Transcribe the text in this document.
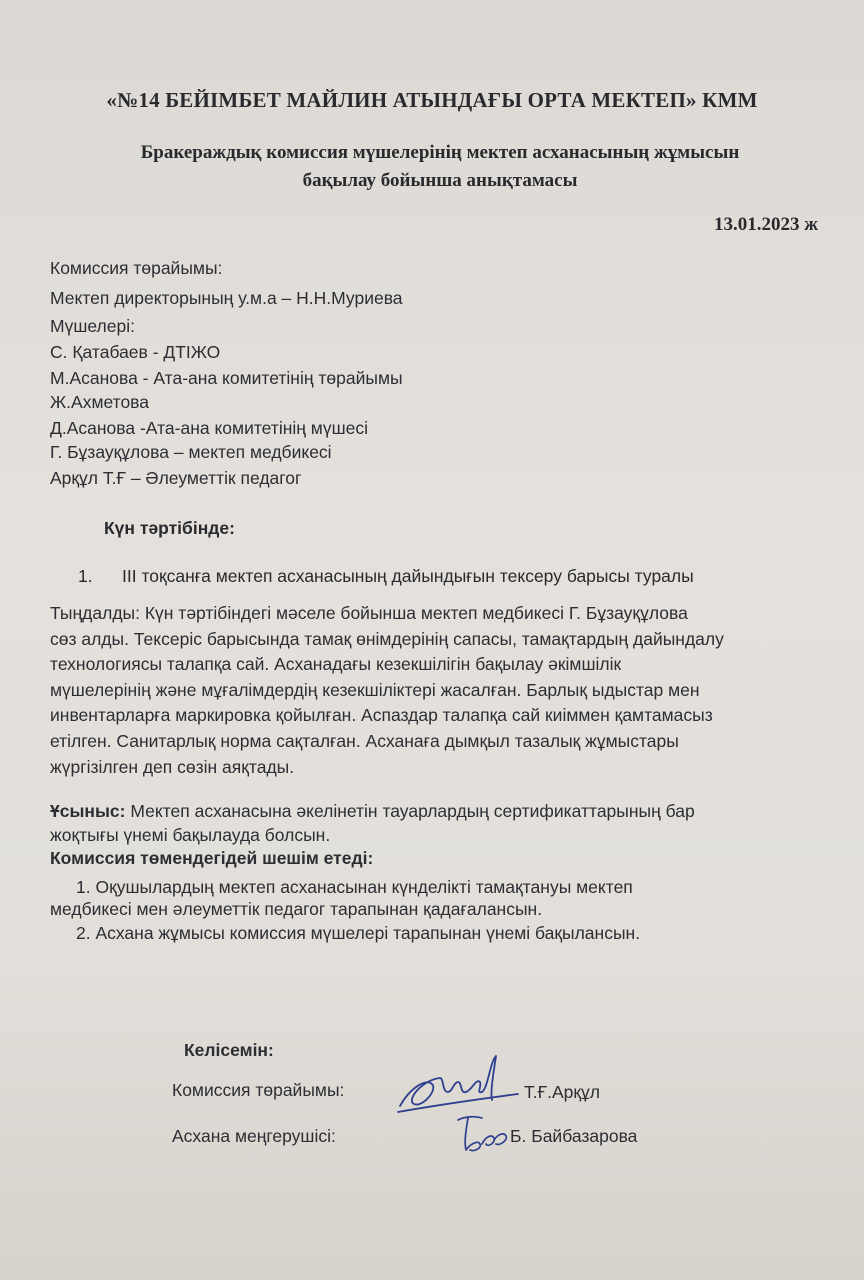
«№14 БЕЙІМБЕТ МАЙЛИН АТЫНДАҒЫ ОРТА МЕКТЕП» КММ
Бракераждық комиссия мүшелерінің мектеп асханасының жұмысын
бақылау бойынша анықтамасы
13.01.2023 ж
Комиссия төрайымы:
Мектеп директорының у.м.а – Н.Н.Муриева
Мүшелері:
С. Қатабаев - ДТІЖО
М.Асанова - Ата-ана комитетінің төрайымы
Ж.Ахметова
Д.Асанова -Ата-ана комитетінің мүшесі
Г. Бұзауқұлова – мектеп медбикесі
Арқұл Т.Ғ – Әлеуметтік педагог
Күн тәртібінде:
1. ІІІ тоқсанға мектеп асханасының дайындығын тексеру барысы туралы
Тыңдалды: Күн тәртібіндегі мәселе бойынша мектеп медбикесі Г. Бұзауқұлова
сөз алды. Тексеріс барысында тамақ өнімдерінің сапасы, тамақтардың дайындалу
технологиясы талапқа сай. Асханадағы кезекшілігін бақылау әкімшілік
мүшелерінің және мұғалімдердің кезекшіліктері жасалған. Барлық ыдыстар мен
инвентарларға маркировка қойылған. Аспаздар талапқа сай киіммен қамтамасыз
етілген. Санитарлық норма сақталған. Асханаға дымқыл тазалық жұмыстары
жүргізілген деп сөзін аяқтады.
Ұсыныс: Мектеп асханасына әкелінетін тауарлардың сертификаттарының бар
жоқтығы үнемі бақылауда болсын.
Комиссия төмендегідей шешім етеді:
1. Оқушылардың мектеп асханасынан күнделікті тамақтануы мектеп
медбикесі мен әлеуметтік педагог тарапынан қадағалансын.
2. Асхана жұмысы комиссия мүшелері тарапынан үнемі бақылансын.
Келісемін:
Комиссия төрайымы:	Т.Ғ.Арқұл
Асхана меңгерушісі:	Б. Байбазарова
